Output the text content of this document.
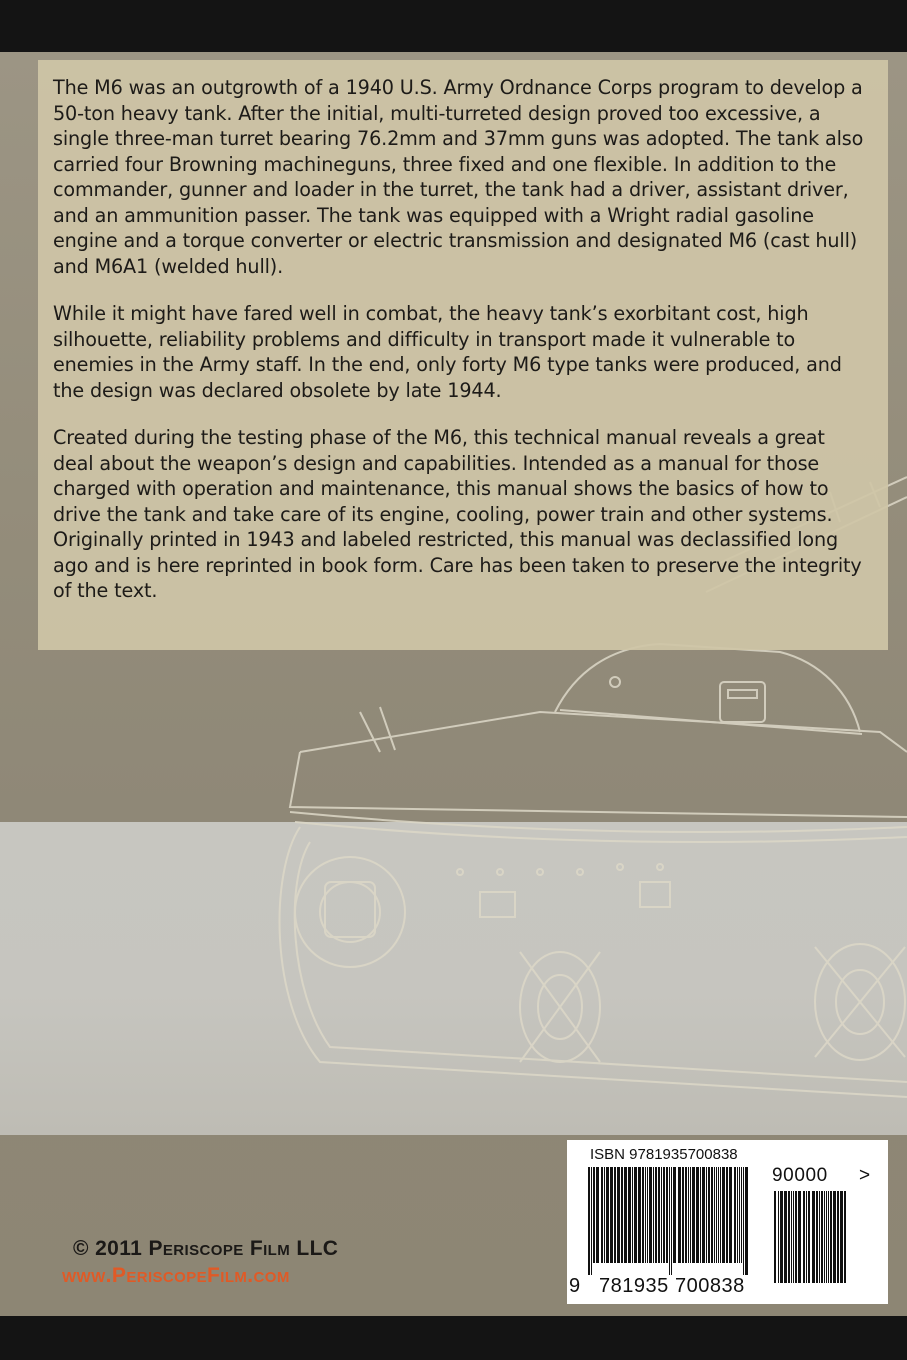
The M6 was an outgrowth of a 1940 U.S. Army Ordnance Corps program to develop a 50-ton heavy tank. After the initial, multi-turreted design proved too excessive, a single three-man turret bearing 76.2mm and 37mm guns was adopted. The tank also carried four Browning machineguns, three fixed and one flexible. In addition to the commander, gunner and loader in the turret, the tank had a driver, assistant driver, and an ammunition passer. The tank was equipped with a Wright radial gasoline engine and a torque converter or electric transmission and designated M6 (cast hull) and M6A1 (welded hull).

While it might have fared well in combat, the heavy tank’s exorbitant cost, high silhouette, reliability problems and difficulty in transport made it vulnerable to enemies in the Army staff. In the end, only forty M6 type tanks were produced, and the design was declared obsolete by late 1944.

Created during the testing phase of the M6, this technical manual reveals a great deal about the weapon’s design and capabilities. Intended as a manual for those charged with operation and maintenance, this manual shows the basics of how to drive the tank and take care of its engine, cooling, power train and other systems. Originally printed in 1943 and labeled restricted, this manual was declassified long ago and is here reprinted in book form. Care has been taken to preserve the integrity of the text.

© 2011 Periscope Film LLC
www.PeriscopeFilm.com
ISBN 9781935700838
9 781935 700838
90000 >
